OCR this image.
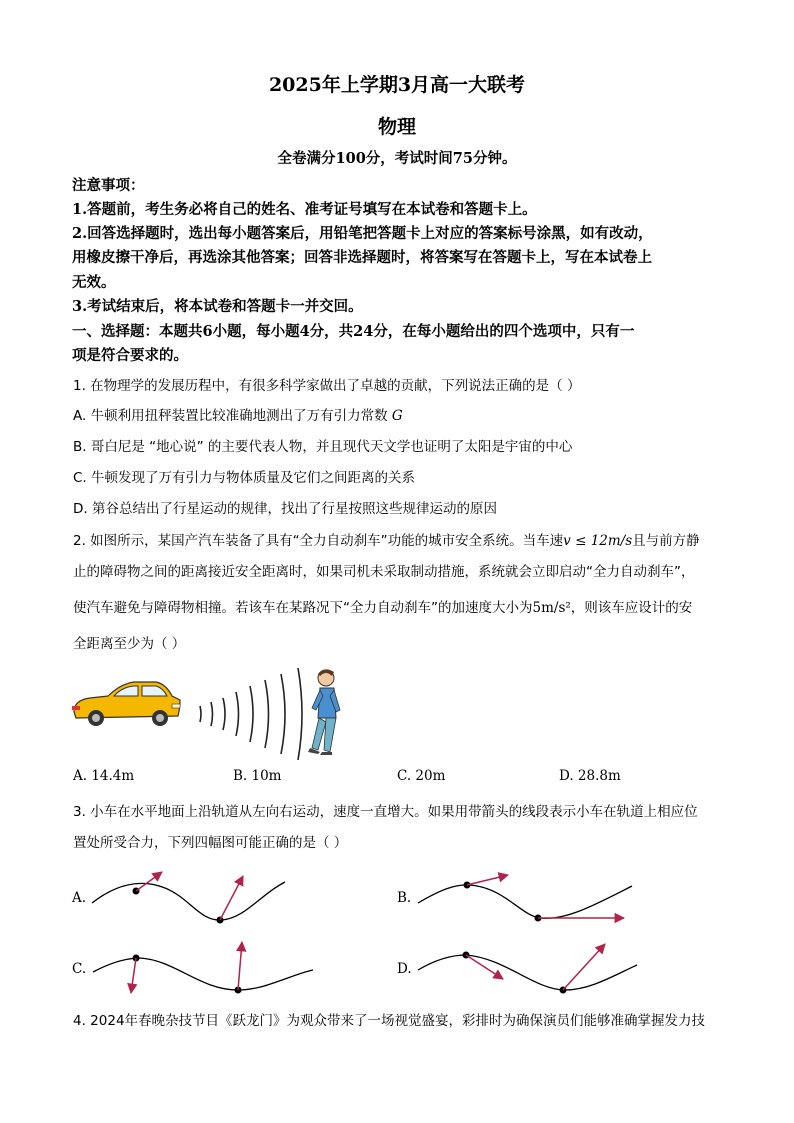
2025年上学期3月高一大联考
物理
全卷满分100分，考试时间75分钟。
注意事项：
1.答题前，考生务必将自己的姓名、准考证号填写在本试卷和答题卡上。
2.回答选择题时，选出每小题答案后，用铅笔把答题卡上对应的答案标号涂黑，如有改动，
用橡皮擦干净后，再选涂其他答案；回答非选择题时，将答案写在答题卡上，写在本试卷上
无效。
3.考试结束后，将本试卷和答题卡一并交回。
一、选择题：本题共6小题，每小题4分，共24分，在每小题给出的四个选项中，只有一
项是符合要求的。
1. 在物理学的发展历程中，有很多科学家做出了卓越的贡献，下列说法正确的是（ ）
A. 牛顿利用扭秤装置比较准确地测出了万有引力常数 G
B. 哥白尼是 “地心说” 的主要代表人物，并且现代天文学也证明了太阳是宇宙的中心
C. 牛顿发现了万有引力与物体质量及它们之间距离的关系
D. 第谷总结出了行星运动的规律，找出了行星按照这些规律运动的原因
2. 如图所示，某国产汽车装备了具有“全力自动刹车”功能的城市安全系统。当车速v ≤ 12m/s且与前方静
止的障碍物之间的距离接近安全距离时，如果司机未采取制动措施，系统就会立即启动“全力自动刹车”，
使汽车避免与障碍物相撞。若该车在某路况下“全力自动刹车”的加速度大小为5m/s²，则该车应设计的安
全距离至少为（ ）
A. 14.4m	B. 10m	C. 20m	D. 28.8m
3. 小车在水平地面上沿轨道从左向右运动，速度一直增大。如果用带箭头的线段表示小车在轨道上相应位
置处所受合力，下列四幅图可能正确的是（ ）
A.	B.
C.	D.
4. 2024年春晚杂技节目《跃龙门》为观众带来了一场视觉盛宴，彩排时为确保演员们能够准确掌握发力技
